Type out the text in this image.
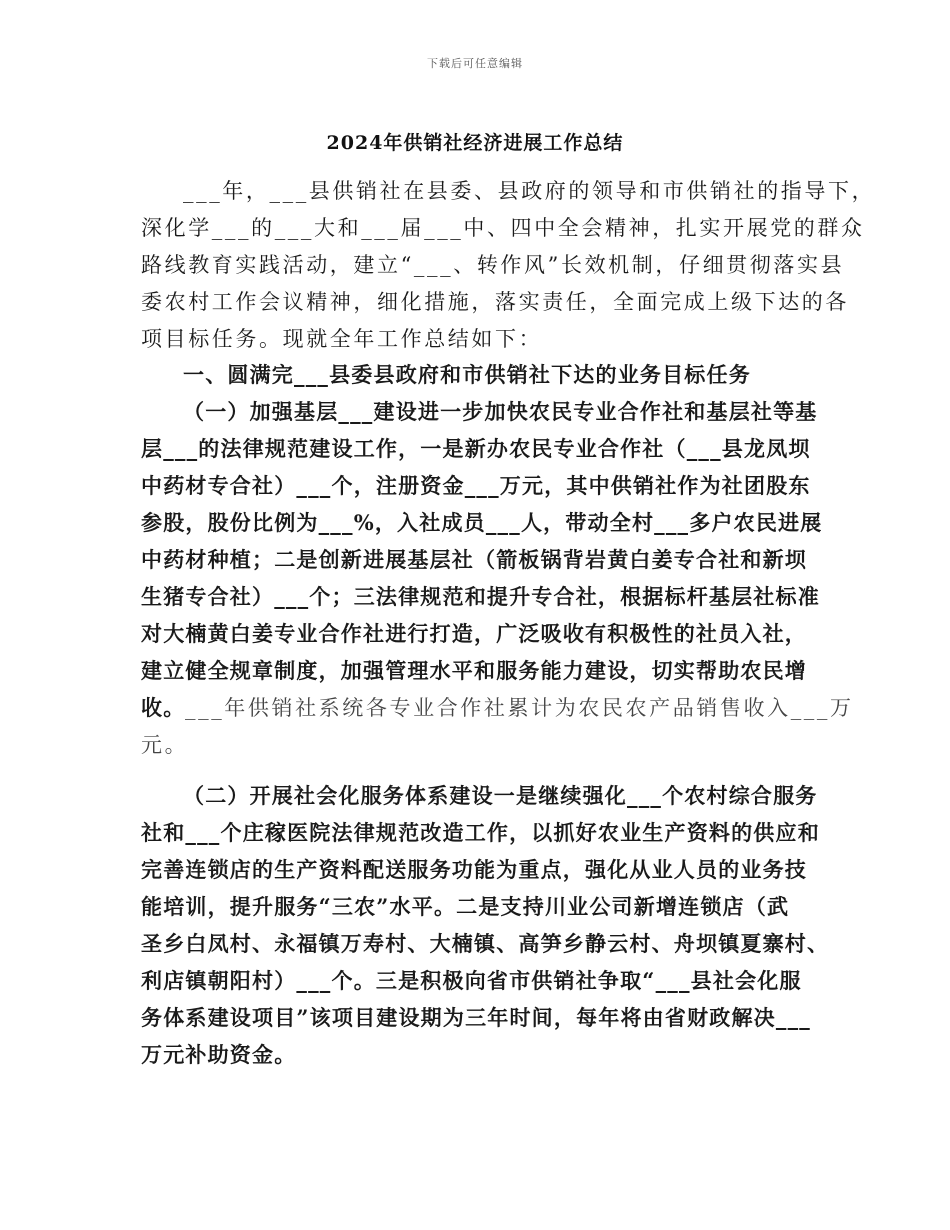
下载后可任意编辑
2024年供销社经济进展工作总结
___年，___县供销社在县委、县政府的领导和市供销社的指导下，
深化学___的___大和___届___中、四中全会精神，扎实开展党的群众
路线教育实践活动，建立“___、转作风”长效机制，仔细贯彻落实县
委农村工作会议精神，细化措施，落实责任，全面完成上级下达的各
项目标任务。现就全年工作总结如下：
一、圆满完___县委县政府和市供销社下达的业务目标任务
（一）加强基层___建设进一步加快农民专业合作社和基层社等基
层___的法律规范建设工作，一是新办农民专业合作社（___县龙凤坝
中药材专合社）___个，注册资金___万元，其中供销社作为社团股东
参股，股份比例为___%，入社成员___人，带动全村___多户农民进展
中药材种植；二是创新进展基层社（箭板锅背岩黄白姜专合社和新坝
生猪专合社）___个；三法律规范和提升专合社，根据标杆基层社标准
对大楠黄白姜专业合作社进行打造，广泛吸收有积极性的社员入社，
建立健全规章制度，加强管理水平和服务能力建设，切实帮助农民增
收。 ___年供销社系统各专业合作社累计为农民农产品销售收入___万
元。
（二）开展社会化服务体系建设一是继续强化___个农村综合服务
社和___个庄稼医院法律规范改造工作，以抓好农业生产资料的供应和
完善连锁店的生产资料配送服务功能为重点，强化从业人员的业务技
能培训，提升服务“三农”水平。二是支持川业公司新增连锁店（武
圣乡白凤村、永福镇万寿村、大楠镇、高笋乡静云村、舟坝镇夏寨村、
利店镇朝阳村）___个。三是积极向省市供销社争取“___县社会化服
务体系建设项目”该项目建设期为三年时间，每年将由省财政解决___
万元补助资金。
